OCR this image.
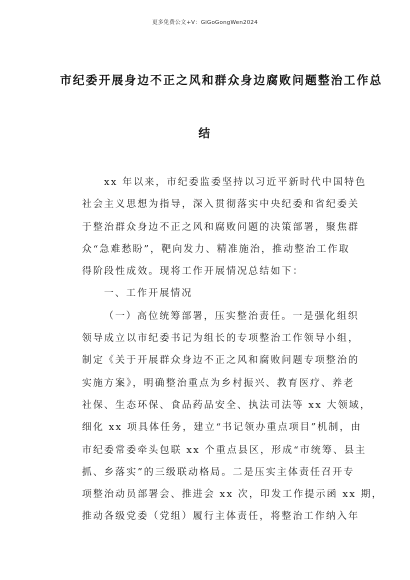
更多免费公文+V：GiGoGongWen2024
市纪委开展身边不正之风和群众身边腐败问题整治工作总
结
xx 年以来，市纪委监委坚持以习近平新时代中国特色
社会主义思想为指导，深入贯彻落实中央纪委和省纪委关
于整治群众身边不正之风和腐败问题的决策部署，聚焦群
众“急难愁盼”，靶向发力、精准施治，推动整治工作取
得阶段性成效。现将工作开展情况总结如下：
一、工作开展情况
（一）高位统筹部署，压实整治责任。一是强化组织
领导成立以市纪委书记为组长的专项整治工作领导小组，
制定《关于开展群众身边不正之风和腐败问题专项整治的
实施方案》，明确整治重点为乡村振兴、教育医疗、养老
社保、生态环保、食品药品安全、执法司法等 xx 大领域，
细化 xx 项具体任务，建立“书记领办重点项目”机制，由
市纪委常委牵头包联 xx 个重点县区，形成“市统筹、县主
抓、乡落实”的三级联动格局。二是压实主体责任召开专
项整治动员部署会、推进会 xx 次，印发工作提示函 xx 期，
推动各级党委（党组）履行主体责任，将整治工作纳入年
